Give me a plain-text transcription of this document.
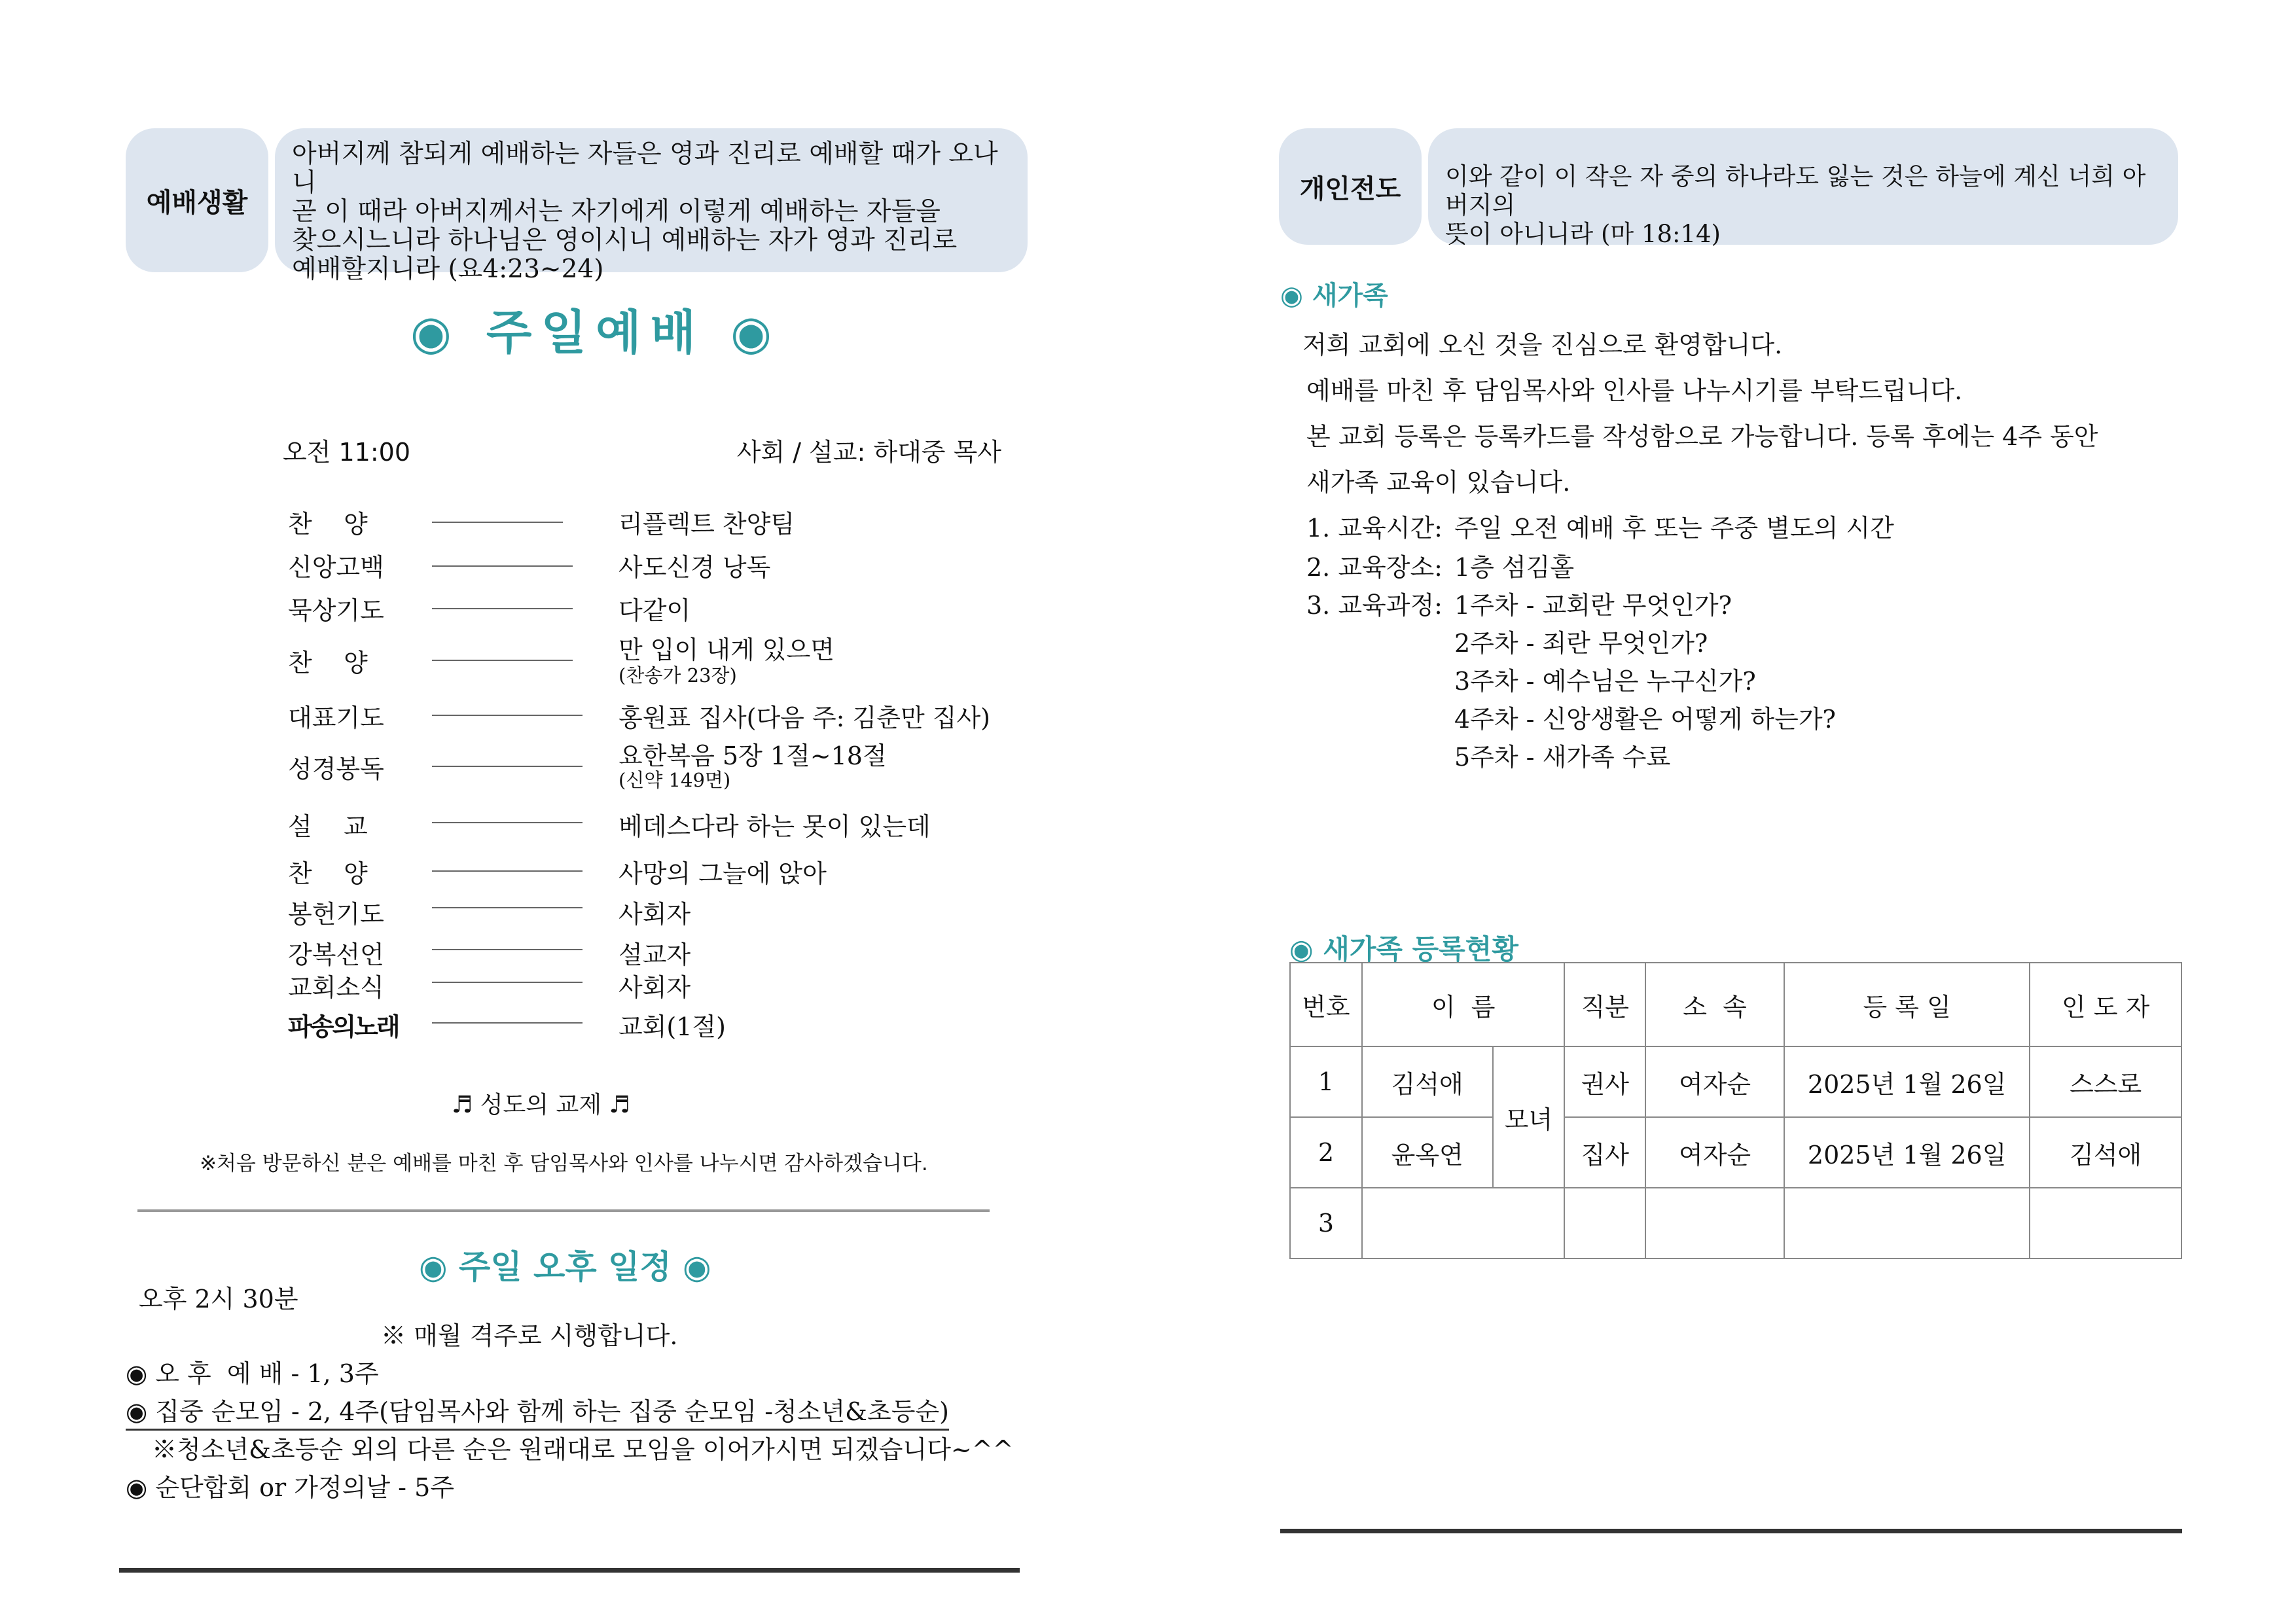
예배생활
아버지께 참되게 예배하는 자들은 영과 진리로 예배할 때가 오나니
곧 이 때라 아버지께서는 자기에게 이렇게 예배하는 자들을
찾으시느니라 하나님은 영이시니 예배하는 자가 영과 진리로
예배할지니라 (요4:23~24)
◉ 주일예배 ◉
오전 11:00	사회 / 설교: 하대중 목사
찬    양	리플렉트 찬양팀
신앙고백	사도신경 낭독
묵상기도	다같이
찬    양	만 입이 내게 있으면
(찬송가 23장)
대표기도	홍원표 집사(다음 주: 김춘만 집사)
성경봉독	요한복음 5장 1절~18절
(신약 149면)
설    교	베데스다라 하는 못이 있는데
찬    양	사망의 그늘에 앉아
봉헌기도	사회자
강복선언	설교자
교회소식	사회자
파송의노래	교회(1절)
♬ 성도의 교제 ♬
※처음 방문하신 분은 예배를 마친 후 담임목사와 인사를 나누시면 감사하겠습니다.
◉ 주일 오후 일정 ◉
오후 2시 30분
※ 매월 격주로 시행합니다.
◉ 오 후  예 배 - 1, 3주
◉ 집중 순모임 - 2, 4주(담임목사와 함께 하는 집중 순모임 -청소년&초등순)
※청소년&초등순 외의 다른 순은 원래대로 모임을 이어가시면 되겠습니다~^^
◉ 순단합회 or 가정의날 - 5주
개인전도	이와 같이 이 작은 자 중의 하나라도 잃는 것은 하늘에 계신 너희 아버지의
뜻이 아니니라 (마 18:14)
◉ 새가족
저희 교회에 오신 것을 진심으로 환영합니다.
예배를 마친 후 담임목사와 인사를 나누시기를 부탁드립니다.
본 교회 등록은 등록카드를 작성함으로 가능합니다. 등록 후에는 4주 동안
새가족 교육이 있습니다.
1. 교육시간: 주일 오전 예배 후 또는 주중 별도의 시간
2. 교육장소: 1층 섬김홀
3. 교육과정: 1주차 - 교회란 무엇인가?
2주차 - 죄란 무엇인가?
3주차 - 예수님은 누구신가?
4주차 - 신앙생활은 어떻게 하는가?
5주차 - 새가족 수료
◉ 새가족 등록현황
번호	이  름		직분	소  속	등 록 일	인 도 자
1	김석애	모녀	권사	여자순	2025년 1월 26일	스스로
2	윤옥연		집사	여자순	2025년 1월 26일	김석애
3						
